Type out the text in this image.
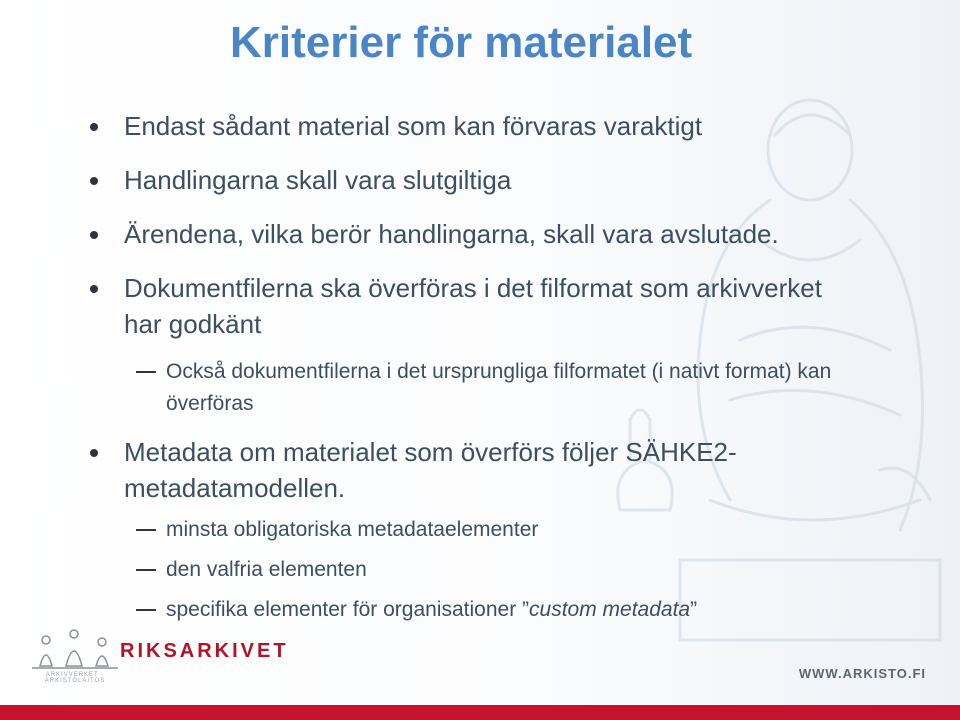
Kriterier för materialet

Endast sådant material som kan förvaras varaktigt

Handlingarna skall vara slutgiltiga

Ärendena, vilka berör handlingarna, skall vara avslutade.

Dokumentfilerna ska överföras i det filformat som arkivverket har godkänt

Också dokumentfilerna i det ursprungliga filformatet (i nativt format) kan överföras

Metadata om materialet som överförs följer SÄHKE2-metadatamodellen.

minsta obligatoriska metadataelementer

den valfria elementen

specifika elementer för organisationer ”custom metadata”

RIKSARKIVET
ARKIVVERKET · ARKISTOLAITOS	WWW.ARKISTO.FI
